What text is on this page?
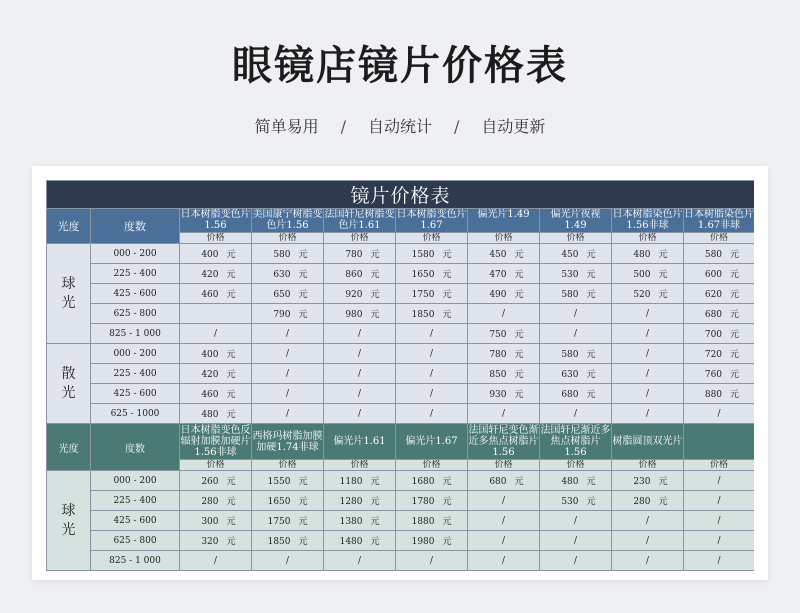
眼镜店镜片价格表
简单易用 / 自动统计 / 自动更新
镜片价格表									
光度	度数	日本树脂变色片1.56	美国康宁树脂变色片1.56	法国轩尼树脂变色片1.61	日本树脂变色片1.67	偏光片1.49	偏光片夜视1.49	日本树脂染色片1.56非球	日本树脂染色片1.67非球
		价格	价格	价格	价格	价格	价格	价格	价格

球
光	000 - 200	400 元	580 元	780 元	1580 元	450 元	450 元	480 元	580 元
	225 - 400	420 元	630 元	860 元	1650 元	470 元	530 元	500 元	600 元
	425 - 600	460 元	650 元	920 元	1750 元	490 元	580 元	520 元	620 元
	625 - 800		790 元	980 元	1850 元	/	/	/	680 元
	825 - 1 000	/	/	/	/	750 元	/	/	700 元

散
光	000 - 200	400 元	/	/	/	780 元	580 元	/	720 元
	225 - 400	420 元	/	/	/	850 元	630 元	/	760 元
	425 - 600	460 元	/	/	/	930 元	680 元	/	880 元
	625 - 1000	480 元	/	/	/	/	/	/	/
光度	度数	日本树脂变色反辐射加膜加硬片1.56非球	西格玛树脂加膜加硬1.74非球	偏光片1.61	偏光片1.67	法国轩尼变色渐近多焦点树脂片1.56	法国轩尼渐近多焦点树脂片1.56	树脂圆顶双光片	
		价格	价格	价格	价格	价格	价格	价格	价格

球
光	000 - 200	260 元	1550 元	1180 元	1680 元	680 元	480 元	230 元	/
	225 - 400	280 元	1650 元	1280 元	1780 元	/	530 元	280 元	/
	425 - 600	300 元	1750 元	1380 元	1880 元	/	/	/	/
	625 - 800	320 元	1850 元	1480 元	1980 元	/	/	/	/
	825 - 1 000	/	/	/	/	/	/	/	/
